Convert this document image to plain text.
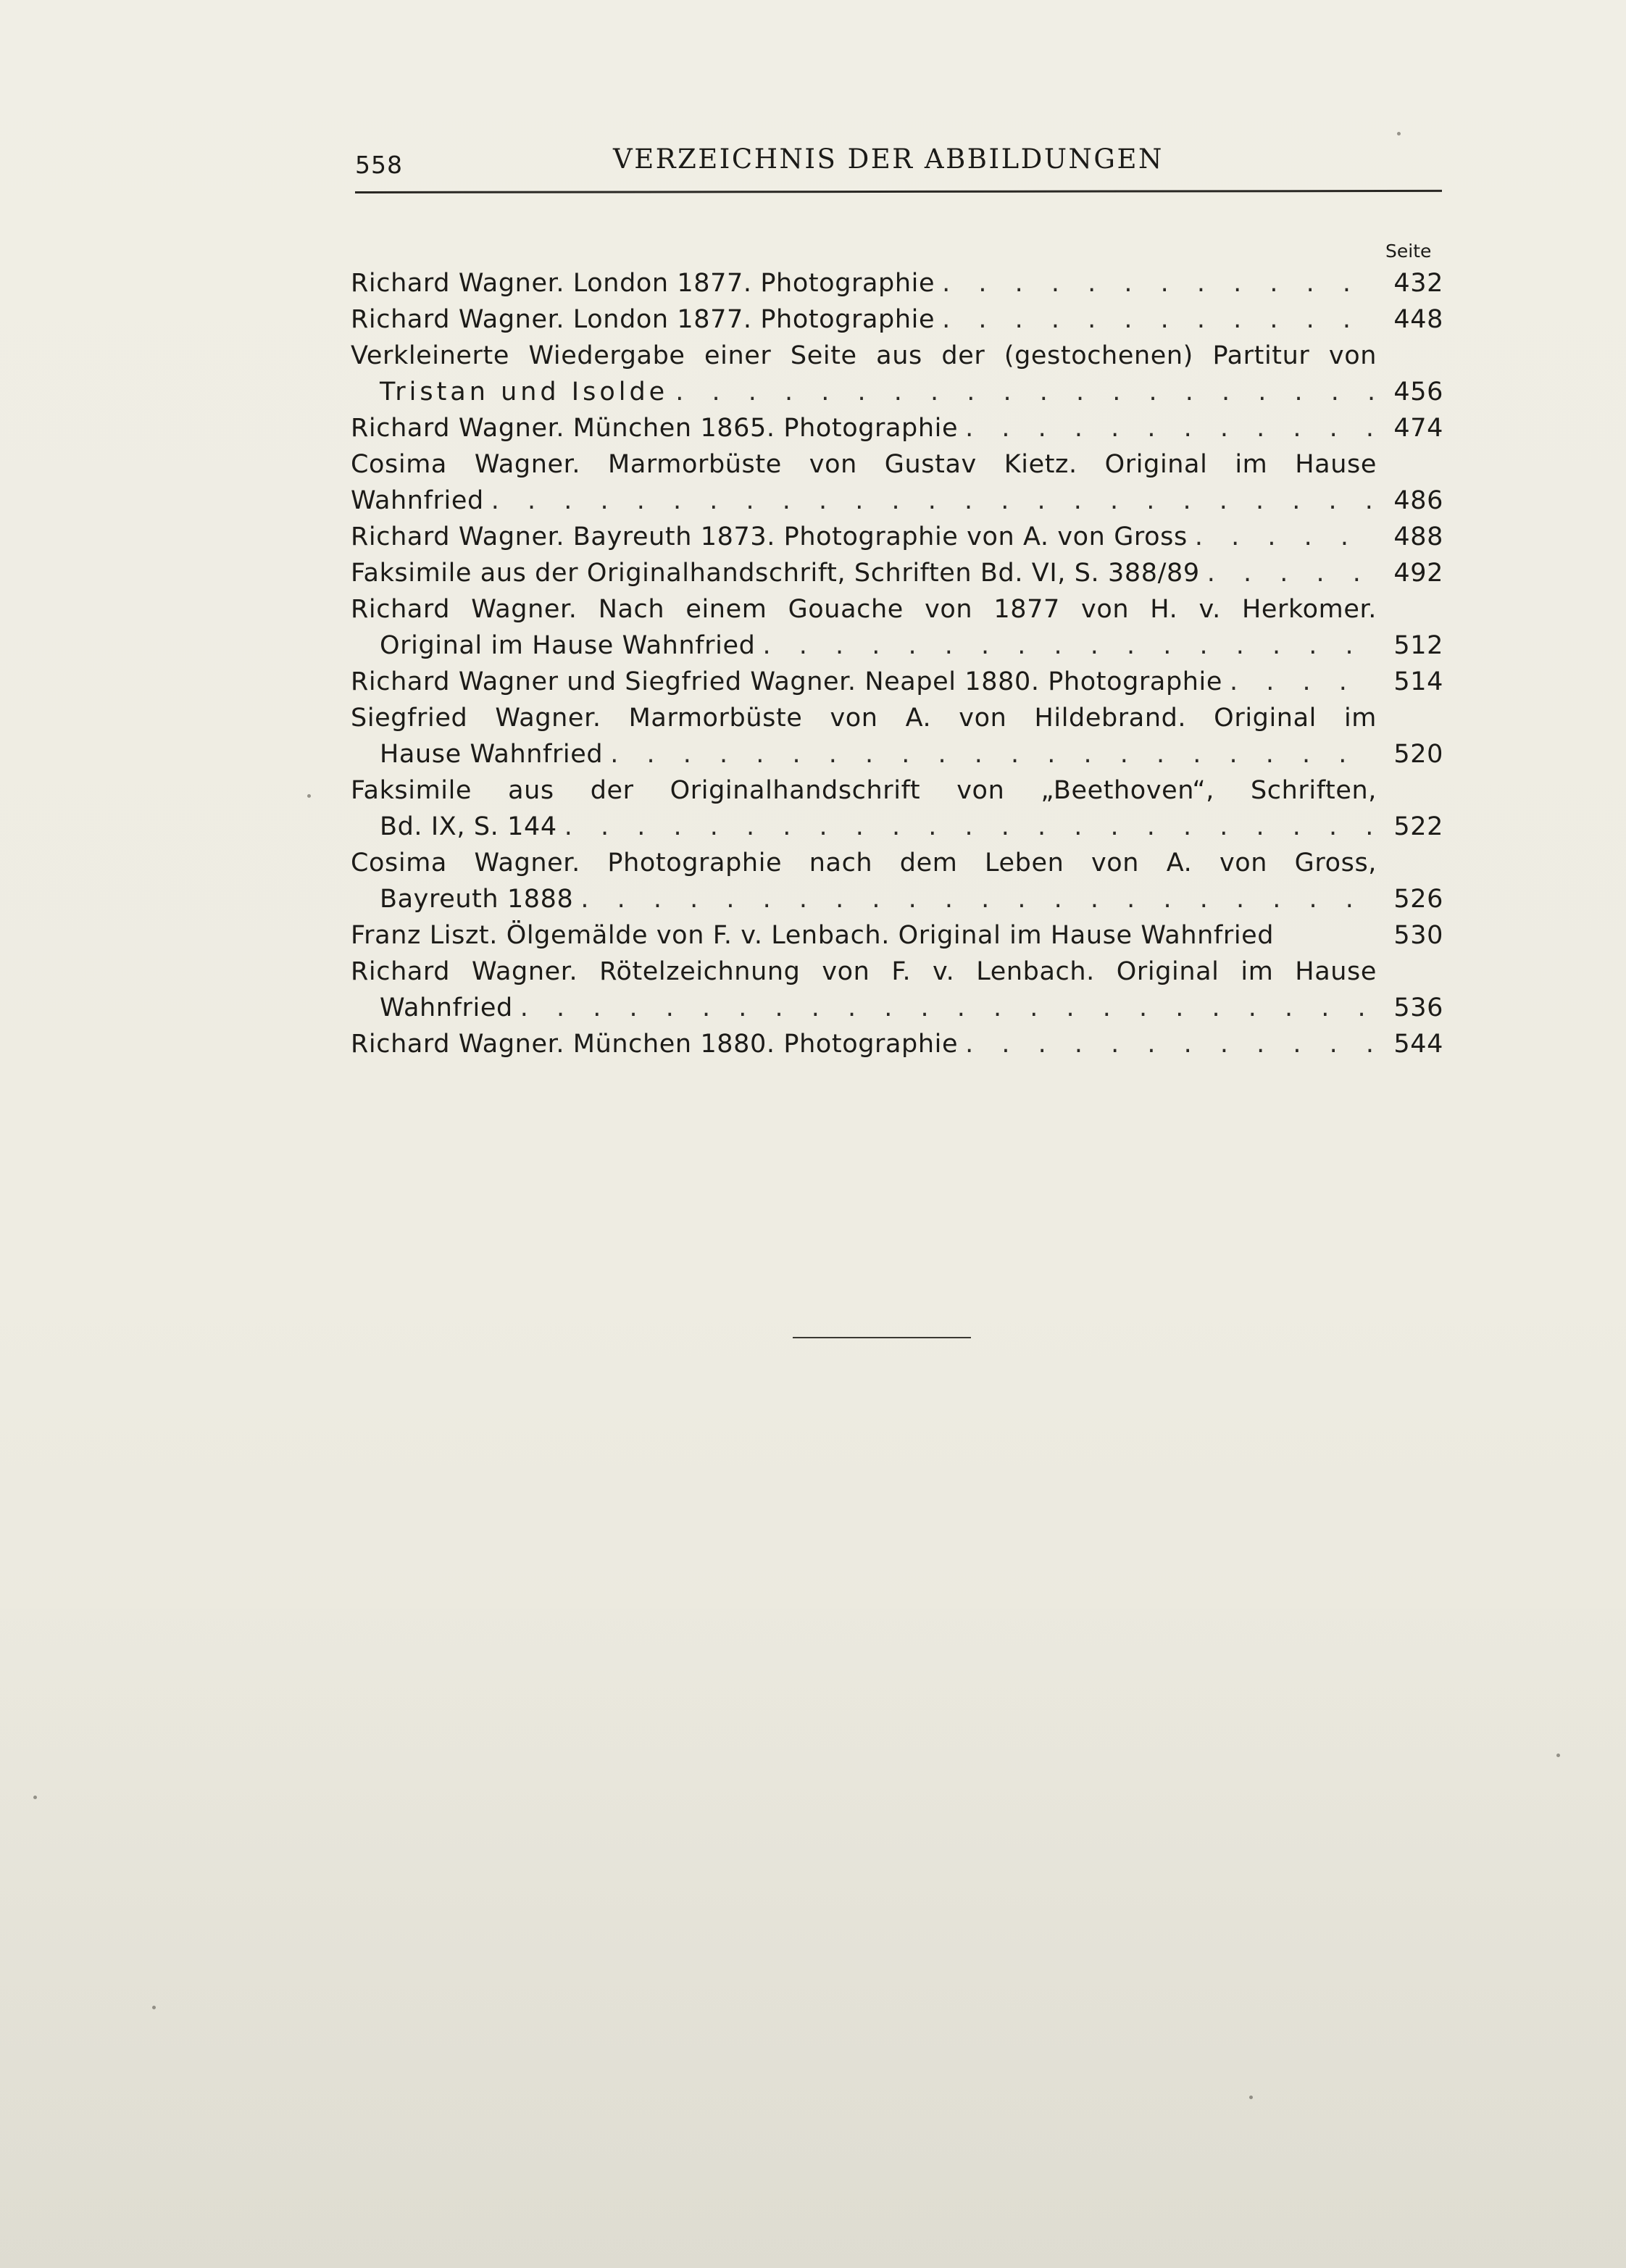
558	VERZEICHNIS DER ABBILDUNGEN
Seite
Richard Wagner. London 1877. Photographie . . .	432
Richard Wagner. London 1877. Photographie . . .	448
Verkleinerte Wiedergabe einer Seite aus der (gestochenen) Partitur von
Tristan und Isolde . . .	456
Richard Wagner. München 1865. Photographie . . .	474
Cosima Wagner. Marmorbüste von Gustav Kietz. Original im Hause
Wahnfried . . .	486
Richard Wagner. Bayreuth 1873. Photographie von A. von Gross . . .	488
Faksimile aus der Originalhandschrift, Schriften Bd. VI, S. 388/89 . . .	492
Richard Wagner. Nach einem Gouache von 1877 von H. v. Herkomer.
Original im Hause Wahnfried . . .	512
Richard Wagner und Siegfried Wagner. Neapel 1880. Photographie . . .	514
Siegfried Wagner. Marmorbüste von A. von Hildebrand. Original im
Hause Wahnfried . . .	520
Faksimile aus der Originalhandschrift von „Beethoven“, Schriften,
Bd. IX, S. 144 . . .	522
Cosima Wagner. Photographie nach dem Leben von A. von Gross,
Bayreuth 1888 . . .	526
Franz Liszt. Ölgemälde von F. v. Lenbach. Original im Hause Wahnfried	530
Richard Wagner. Rötelzeichnung von F. v. Lenbach. Original im Hause
Wahnfried . . .	536
Richard Wagner. München 1880. Photographie . . .	544
